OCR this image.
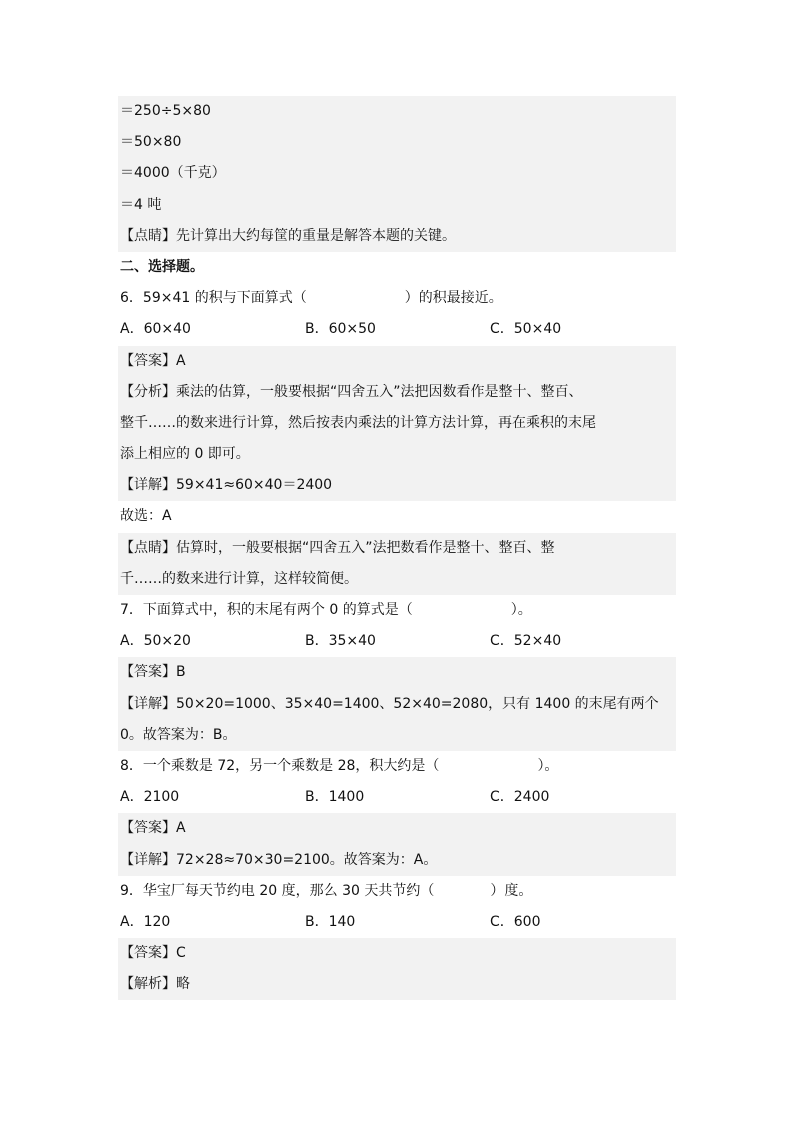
＝250÷5×80
＝50×80
＝4000（千克）
＝4 吨
【点睛】先计算出大约每筐的重量是解答本题的关键。
二、选择题。
6．59×41 的积与下面算式（	）的积最接近。
A．60×40	B．60×50	C．50×40
【答案】A
【分析】乘法的估算，一般要根据“四舍五入”法把因数看作是整十、整百、
整千……的数来进行计算，然后按表内乘法的计算方法计算，再在乘积的末尾
添上相应的 0 即可。
【详解】59×41≈60×40＝2400
故选：A
【点睛】估算时，一般要根据“四舍五入”法把数看作是整十、整百、整
千……的数来进行计算，这样较简便。
7．下面算式中，积的末尾有两个 0 的算式是（	）。
A．50×20	B．35×40	C．52×40
【答案】B
【详解】50×20=1000、35×40=1400、52×40=2080，只有 1400 的末尾有两个
0。故答案为：B。
8．一个乘数是 72，另一个乘数是 28，积大约是（	）。
A．2100	B．1400	C．2400
【答案】A
【详解】72×28≈70×30=2100。故答案为：A。
9．华宝厂每天节约电 20 度，那么 30 天共节约（	）度。
A．120	B．140	C．600
【答案】C
【解析】略
